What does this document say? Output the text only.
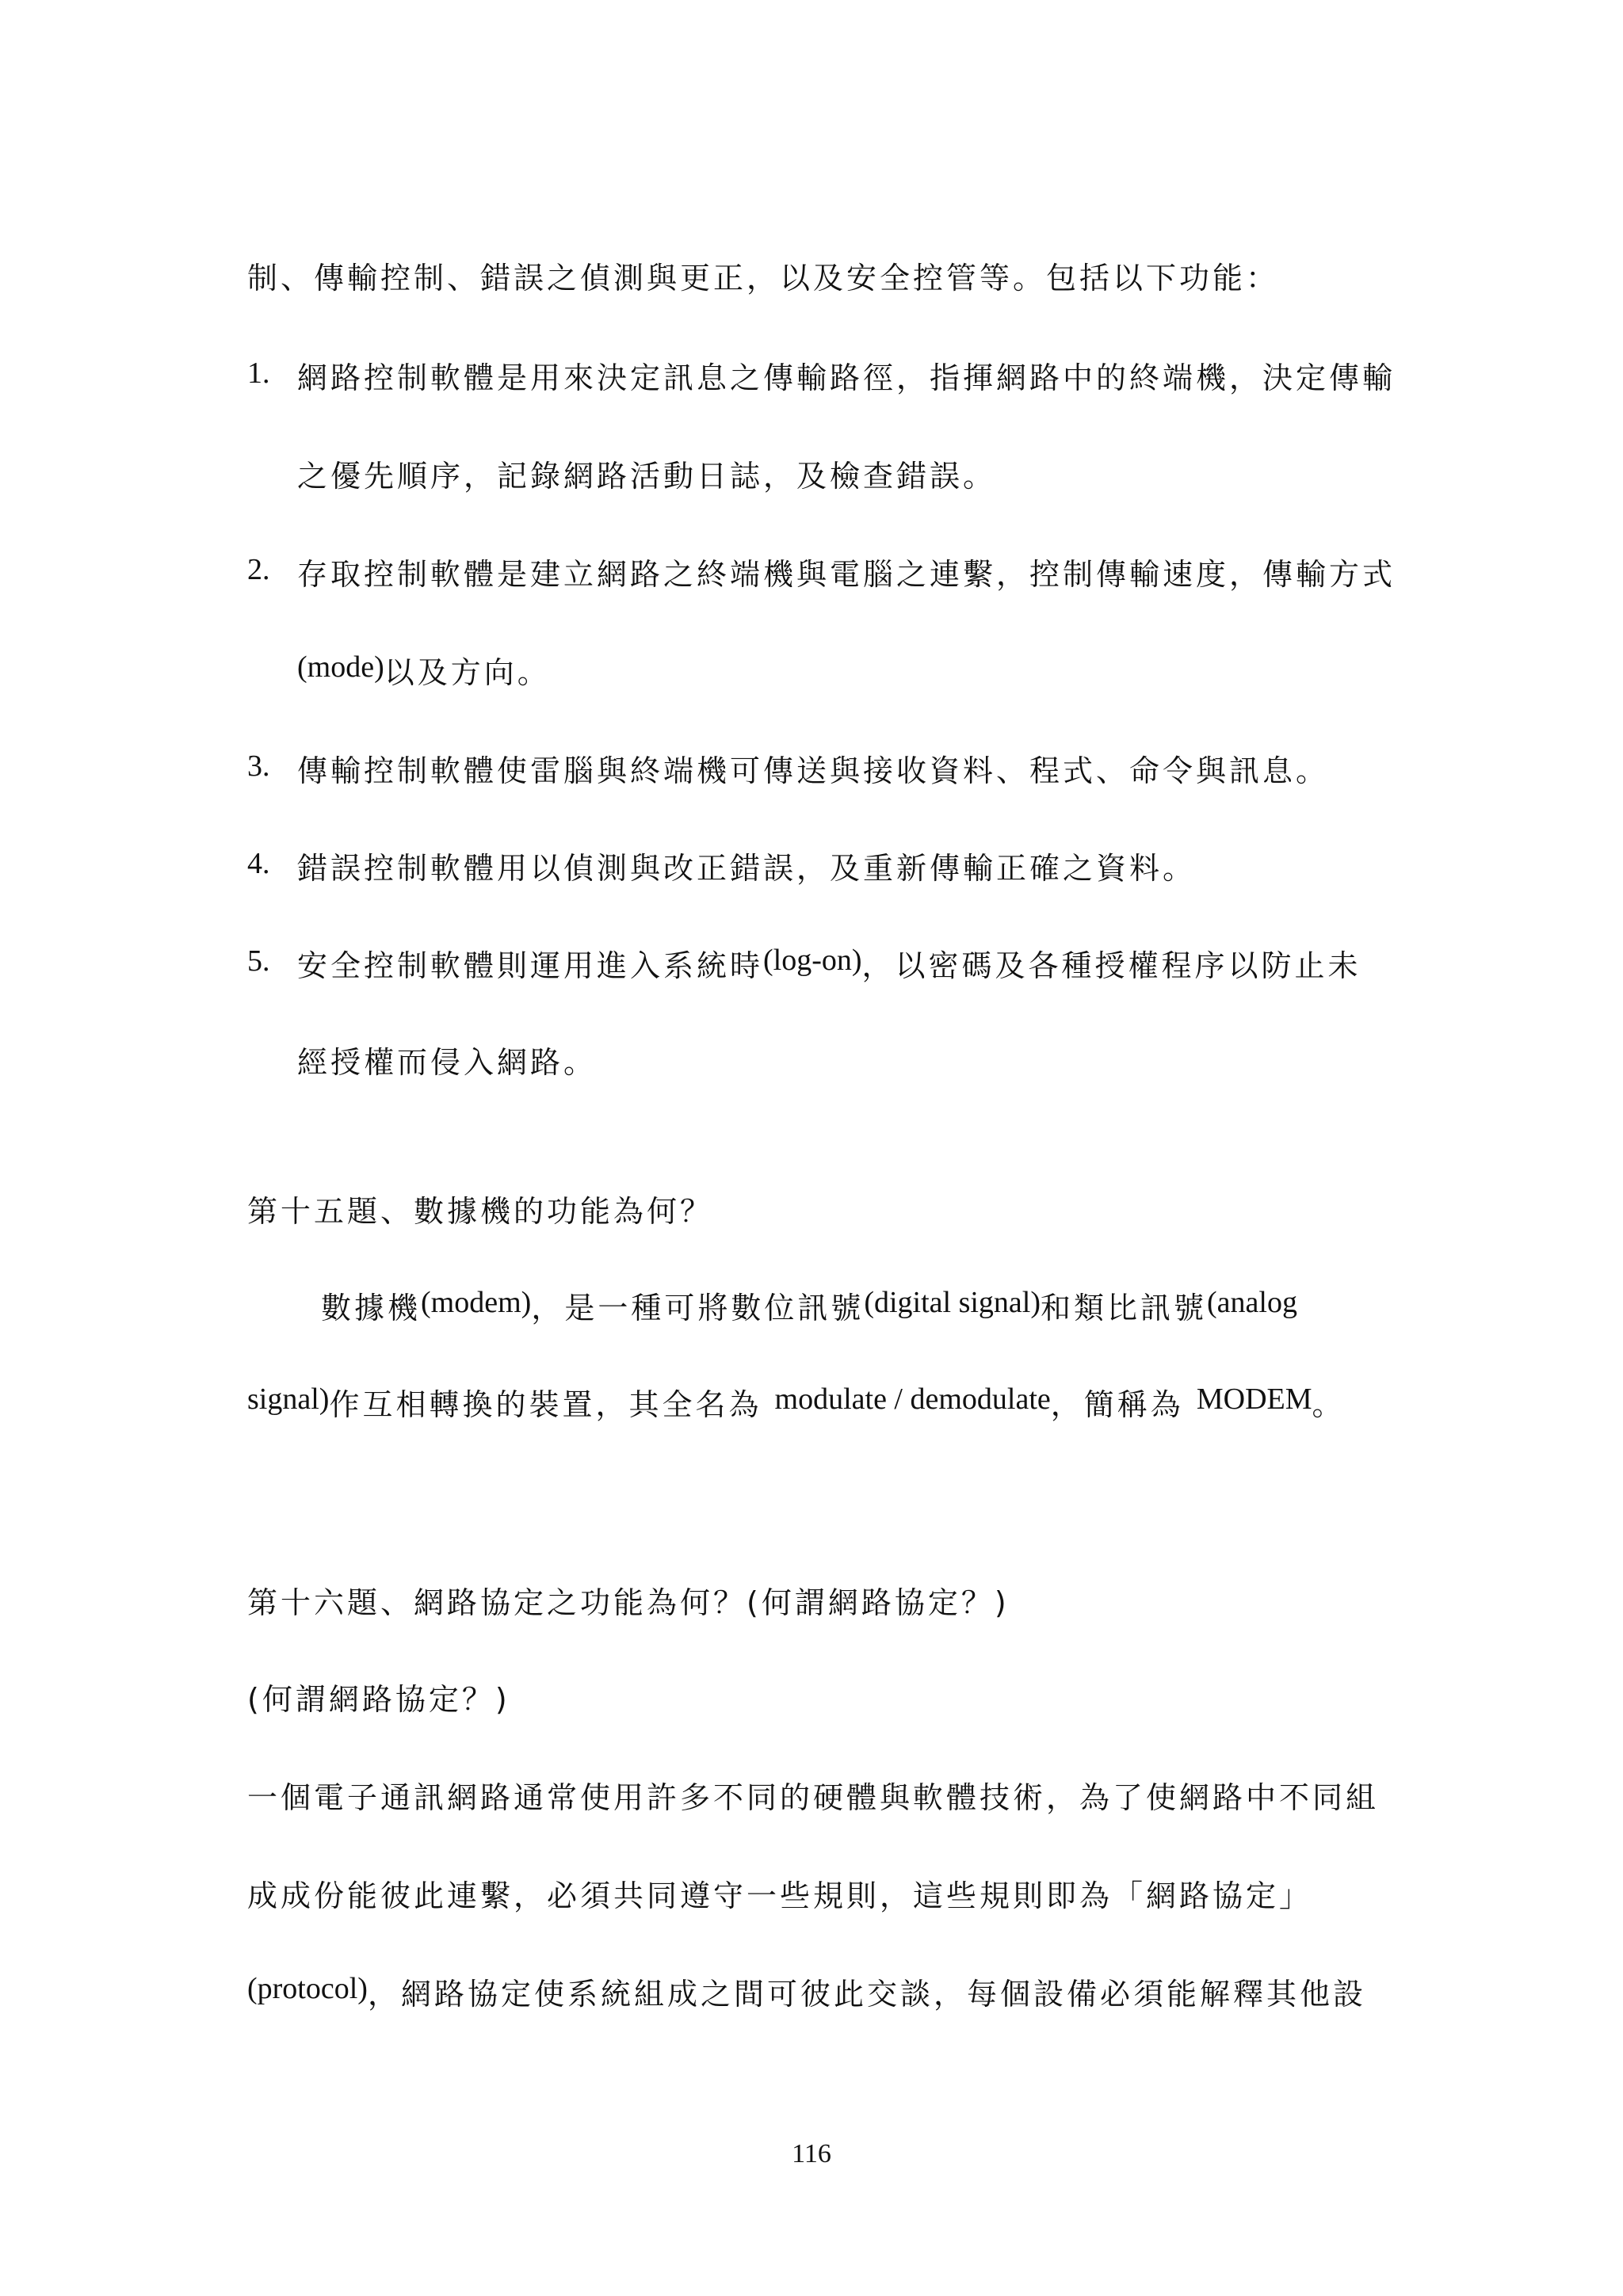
制、傳輸控制、錯誤之偵測與更正，以及安全控管等。包括以下功能：
1. 網路控制軟體是用來決定訊息之傳輸路徑，指揮網路中的終端機，決定傳輸
之優先順序，記錄網路活動日誌，及檢查錯誤。
2. 存取控制軟體是建立網路之終端機與電腦之連繫，控制傳輸速度，傳輸方式
(mode)以及方向。
3. 傳輸控制軟體使雷腦與終端機可傳送與接收資料、程式、命令與訊息。
4. 錯誤控制軟體用以偵測與改正錯誤，及重新傳輸正確之資料。
5. 安全控制軟體則運用進入系統時(log-on)，以密碼及各種授權程序以防止未
經授權而侵入網路。
第十五題、數據機的功能為何？
數據機(modem)，是一種可將數位訊號(digital signal)和類比訊號(analog
signal)作互相轉換的裝置，其全名為 modulate / demodulate，簡稱為 MODEM。
第十六題、網路協定之功能為何？(何謂網路協定？)
(何謂網路協定？)
一個電子通訊網路通常使用許多不同的硬體與軟體技術，為了使網路中不同組
成成份能彼此連繫，必須共同遵守一些規則，這些規則即為「網路協定」
(protocol)，網路協定使系統組成之間可彼此交談，每個設備必須能解釋其他設
116
